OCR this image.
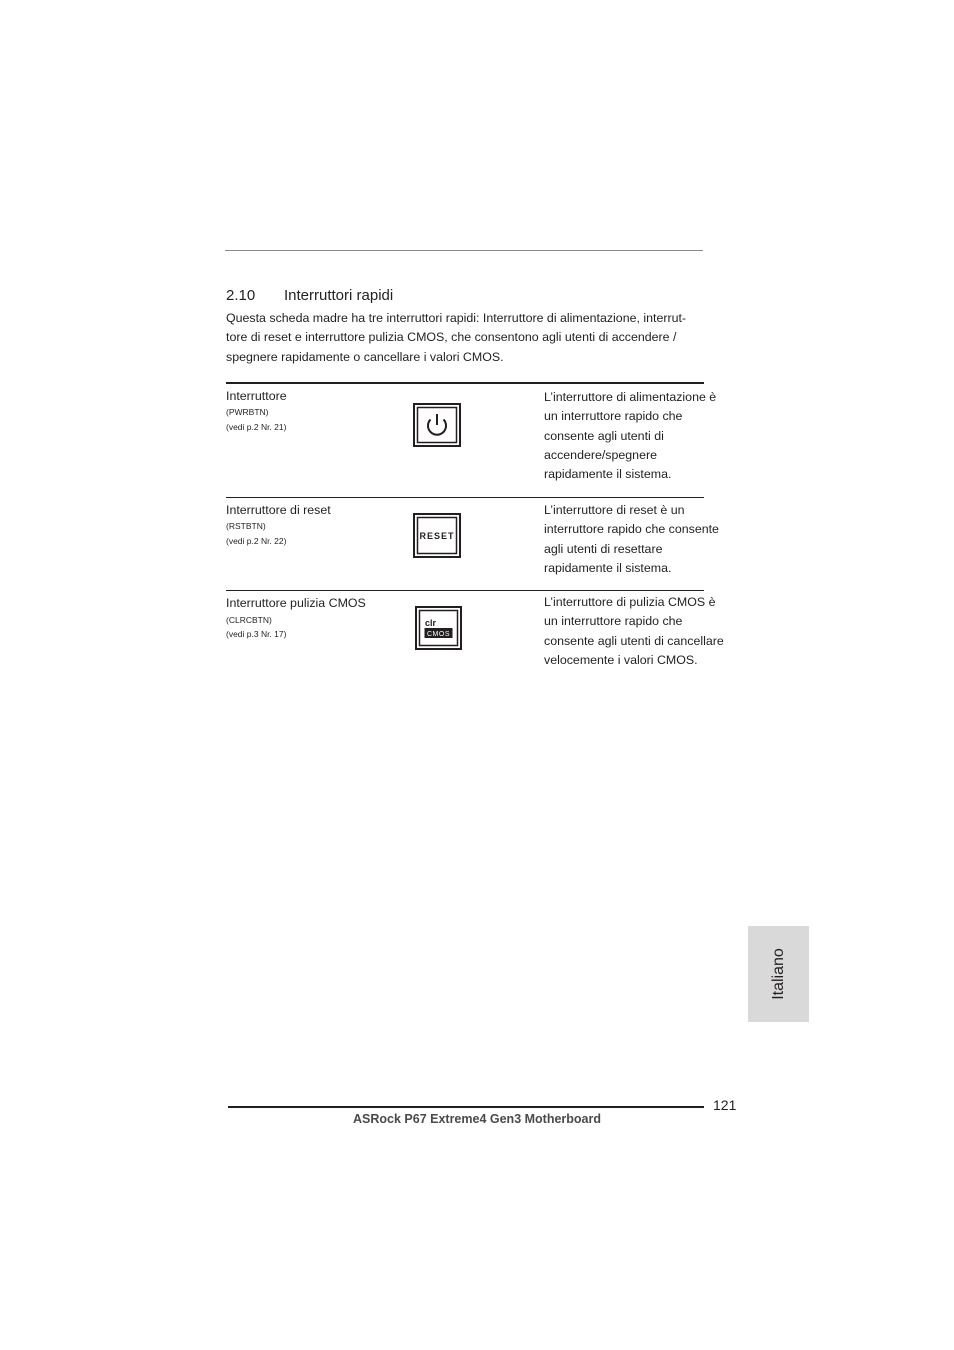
2.10 Interruttori rapidi
Questa scheda madre ha tre interruttori rapidi: Interruttore di alimentazione, interrut-
tore di reset e interruttore pulizia CMOS, che consentono agli utenti di accendere /
spegnere rapidamente o cancellare i valori CMOS.
Interruttore
(PWRBTN)
(vedi p.2 Nr. 21)
L’interruttore di alimentazione è
un interruttore rapido che
consente agli utenti di
accendere/spegnere
rapidamente il sistema.
Interruttore di reset
(RSTBTN)
(vedi p.2 Nr. 22)	RESET
L’interruttore di reset è un
interruttore rapido che consente
agli utenti di resettare
rapidamente il sistema.
Interruttore pulizia CMOS
(CLRCBTN)
(vedi p.3 Nr. 17)
clr
CMOS
L’interruttore di pulizia CMOS è
un interruttore rapido che
consente agli utenti di cancellare
velocemente i valori CMOS.
Italiano
121
ASRock P67 Extreme4 Gen3 Motherboard
